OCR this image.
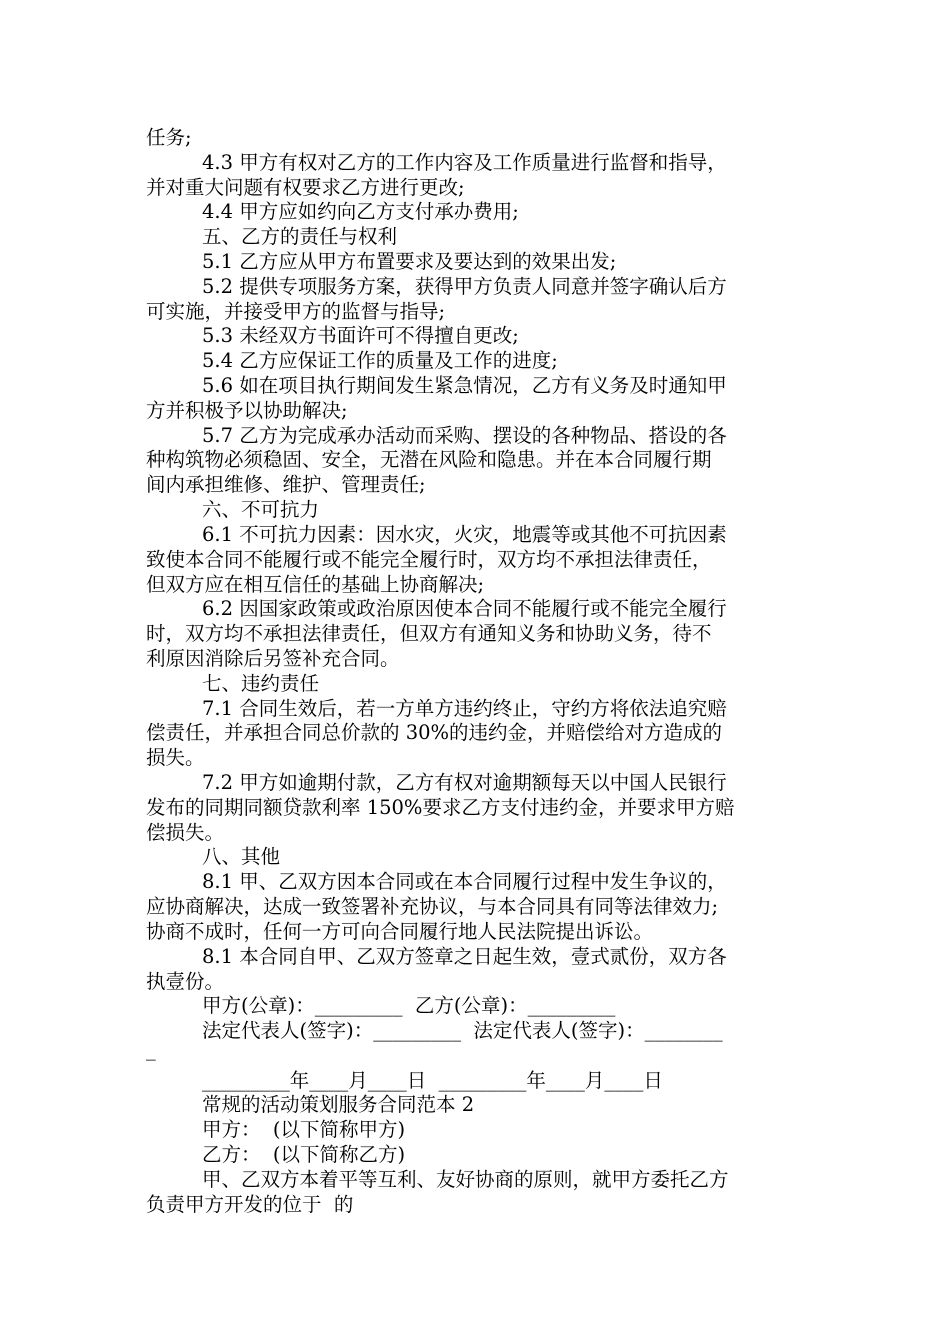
任务;
4.3 甲方有权对乙方的工作内容及工作质量进行监督和指导，
并对重大问题有权要求乙方进行更改;
4.4 甲方应如约向乙方支付承办费用;
五、乙方的责任与权利
5.1 乙方应从甲方布置要求及要达到的效果出发;
5.2 提供专项服务方案，获得甲方负责人同意并签字确认后方
可实施，并接受甲方的监督与指导;
5.3 未经双方书面许可不得擅自更改;
5.4 乙方应保证工作的质量及工作的进度;
5.6 如在项目执行期间发生紧急情况，乙方有义务及时通知甲
方并积极予以协助解决;
5.7 乙方为完成承办活动而采购、摆设的各种物品、搭设的各
种构筑物必须稳固、安全，无潜在风险和隐患。并在本合同履行期
间内承担维修、维护、管理责任;
六、不可抗力
6.1 不可抗力因素：因水灾，火灾，地震等或其他不可抗因素
致使本合同不能履行或不能完全履行时，双方均不承担法律责任，
但双方应在相互信任的基础上协商解决;
6.2 因国家政策或政治原因使本合同不能履行或不能完全履行
时，双方均不承担法律责任，但双方有通知义务和协助义务，待不
利原因消除后另签补充合同。
七、违约责任
7.1 合同生效后，若一方单方违约终止，守约方将依法追究赔
偿责任，并承担合同总价款的 30%的违约金，并赔偿给对方造成的
损失。
7.2 甲方如逾期付款，乙方有权对逾期额每天以中国人民银行
发布的同期同额贷款利率 150%要求乙方支付违约金，并要求甲方赔
偿损失。
八、其他
8.1 甲、乙双方因本合同或在本合同履行过程中发生争议的，
应协商解决，达成一致签署补充协议，与本合同具有同等法律效力;
协商不成时，任何一方可向合同履行地人民法院提出诉讼。
8.1 本合同自甲、乙双方签章之日起生效，壹式贰份，双方各
执壹份。
甲方(公章)：_________  乙方(公章)：_________
法定代表人(签字)：_________  法定代表人(签字)：________
_
_________年____月____日  _________年____月____日
常规的活动策划服务合同范本 2
甲方：  (以下简称甲方)
乙方：  (以下简称乙方)
甲、乙双方本着平等互利、友好协商的原则，就甲方委托乙方
负责甲方开发的位于  的
